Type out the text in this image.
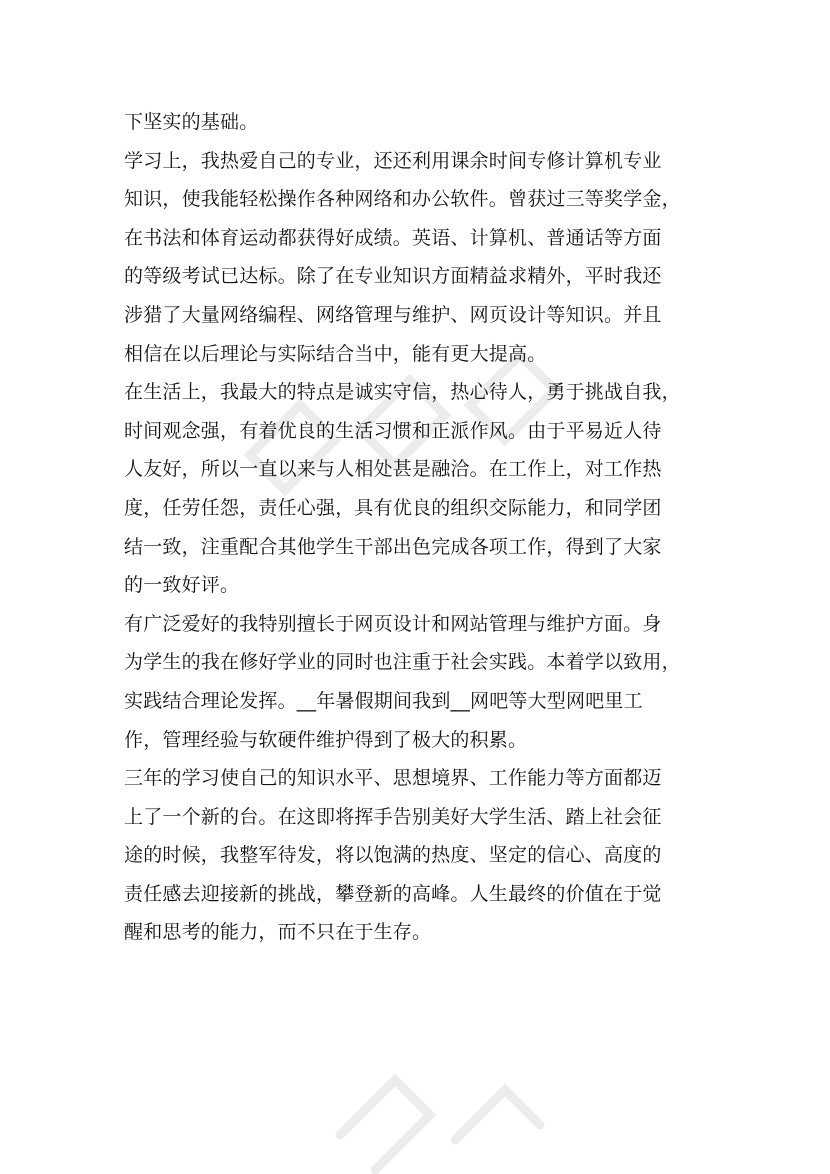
下坚实的基础。
学习上，我热爱自己的专业，还还利用课余时间专修计算机专业
知识，使我能轻松操作各种网络和办公软件。曾获过三等奖学金，
在书法和体育运动都获得好成绩。英语、计算机、普通话等方面
的等级考试已达标。除了在专业知识方面精益求精外，平时我还
涉猎了大量网络编程、网络管理与维护、网页设计等知识。并且
相信在以后理论与实际结合当中，能有更大提高。
在生活上，我最大的特点是诚实守信，热心待人，勇于挑战自我，
时间观念强，有着优良的生活习惯和正派作风。由于平易近人待
人友好，所以一直以来与人相处甚是融洽。在工作上，对工作热
度，任劳任怨，责任心强，具有优良的组织交际能力，和同学团
结一致，注重配合其他学生干部出色完成各项工作，得到了大家
的一致好评。
有广泛爱好的我特别擅长于网页设计和网站管理与维护方面。身
为学生的我在修好学业的同时也注重于社会实践。本着学以致用，
实践结合理论发挥。__年暑假期间我到__网吧等大型网吧里工
作，管理经验与软硬件维护得到了极大的积累。
三年的学习使自己的知识水平、思想境界、工作能力等方面都迈
上了一个新的台。在这即将挥手告别美好大学生活、踏上社会征
途的时候，我整军待发，将以饱满的热度、坚定的信心、高度的
责任感去迎接新的挑战，攀登新的高峰。人生最终的价值在于觉
醒和思考的能力，而不只在于生存。
